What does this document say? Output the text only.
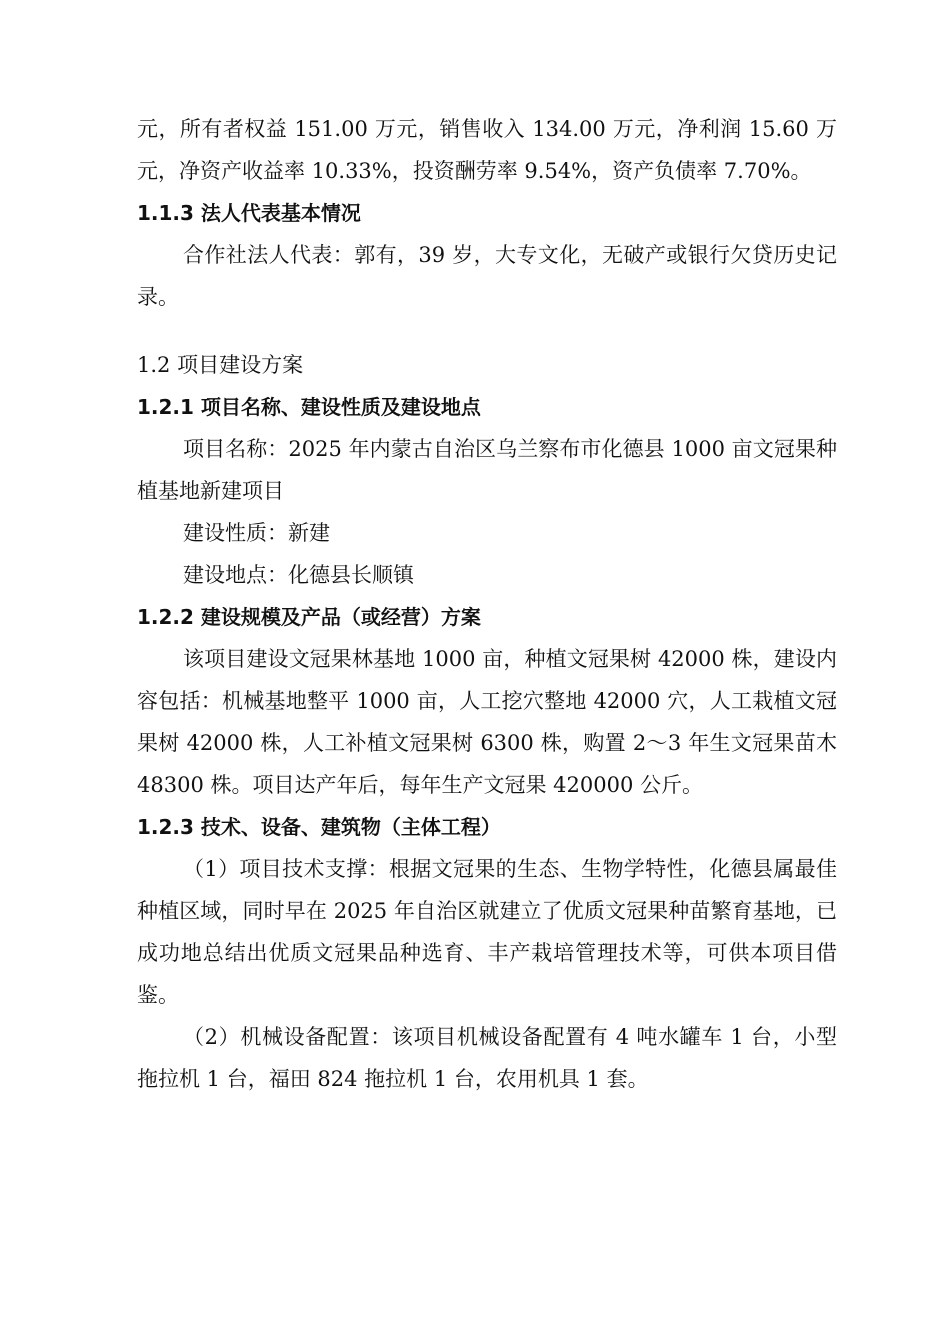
元，所有者权益 151.00 万元，销售收入 134.00 万元，净利润 15.60 万元，净资产收益率 10.33%，投资酬劳率 9.54%，资产负债率 7.70%。

1.1.3 法人代表基本情况

合作社法人代表：郭有，39 岁，大专文化，无破产或银行欠贷历史记录。

1.2 项目建设方案

1.2.1 项目名称、建设性质及建设地点

项目名称：2025 年内蒙古自治区乌兰察布市化德县 1000 亩文冠果种植基地新建项目

建设性质：新建

建设地点：化德县长顺镇

1.2.2 建设规模及产品（或经营）方案

该项目建设文冠果林基地 1000 亩，种植文冠果树 42000 株，建设内容包括：机械基地整平 1000 亩，人工挖穴整地 42000 穴，人工栽植文冠果树 42000 株，人工补植文冠果树 6300 株，购置 2～3 年生文冠果苗木 48300 株。项目达产年后，每年生产文冠果 420000 公斤。

1.2.3 技术、设备、建筑物（主体工程）

（1）项目技术支撑：根据文冠果的生态、生物学特性，化德县属最佳种植区域，同时早在 2025 年自治区就建立了优质文冠果种苗繁育基地，已成功地总结出优质文冠果品种选育、丰产栽培管理技术等，可供本项目借鉴。

（2）机械设备配置：该项目机械设备配置有 4 吨水罐车 1 台，小型拖拉机 1 台，福田 824 拖拉机 1 台，农用机具 1 套。
